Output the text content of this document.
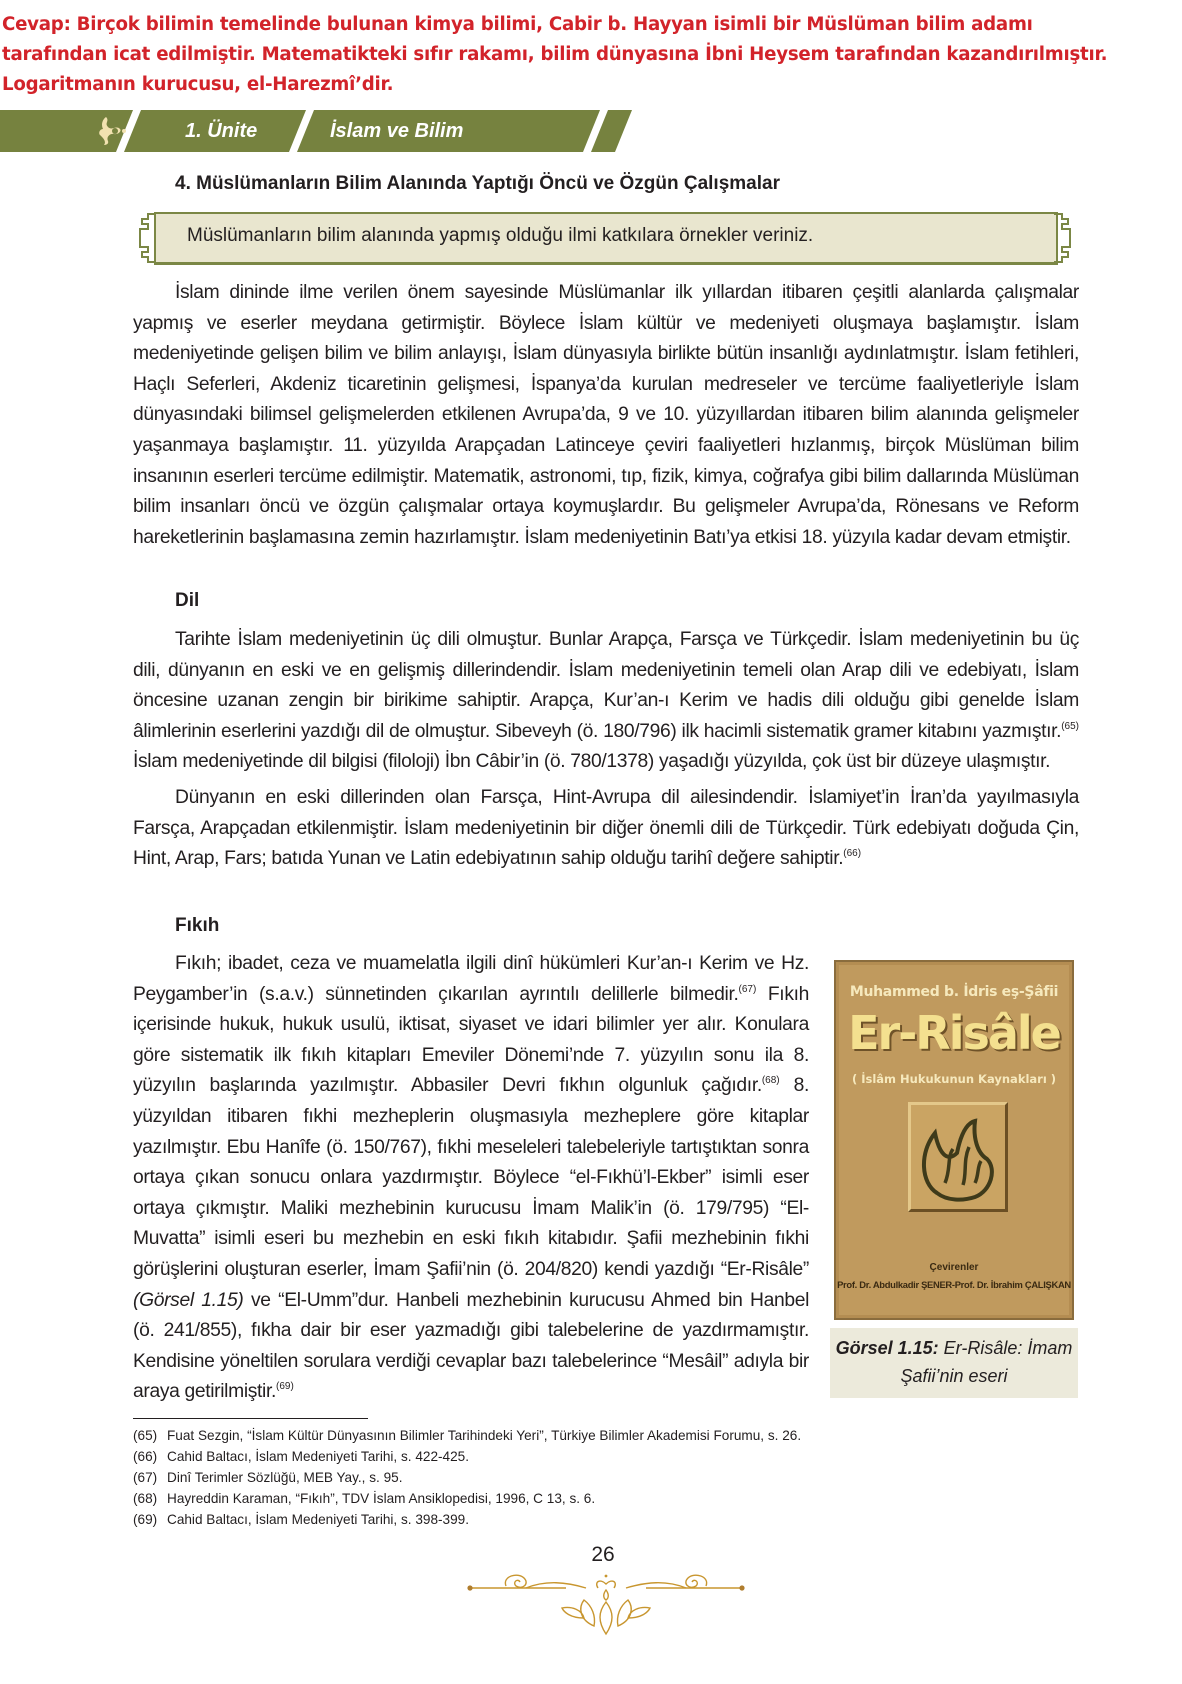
Cevap: Birçok bilimin temelinde bulunan kimya bilimi, Cabir b. Hayyan isimli bir Müslüman bilim adamı
tarafından icat edilmiştir. Matematikteki sıfır rakamı, bilim dünyasına İbni Heysem tarafından kazandırılmıştır.
Logaritmanın kurucusu, el-Harezmî’dir.
1. Ünite	İslam ve Bilim
4. Müslümanların Bilim Alanında Yaptığı Öncü ve Özgün Çalışmalar
Müslümanların bilim alanında yapmış olduğu ilmi katkılara örnekler veriniz.

İslam dininde ilme verilen önem sayesinde Müslümanlar ilk yıllardan itibaren çeşitli alanlarda çalışmalar yapmış ve eserler meydana getirmiştir. Böylece İslam kültür ve medeniyeti oluşmaya başlamıştır. İslam medeniyetinde gelişen bilim ve bilim anlayışı, İslam dünyasıyla birlikte bütün insanlığı aydınlatmıştır. İslam fetihleri, Haçlı Seferleri, Akdeniz ticaretinin gelişmesi, İspanya’da kurulan medreseler ve tercüme faaliyetleriyle İslam dünyasındaki bilimsel gelişmelerden etkilenen Avrupa’da, 9 ve 10. yüzyıllardan itibaren bilim alanında gelişmeler yaşanmaya başlamıştır. 11. yüzyılda Arapçadan Latinceye çeviri faaliyetleri hızlanmış, birçok Müslüman bilim insanının eserleri tercüme edilmiştir. Matematik, astronomi, tıp, fizik, kimya, coğrafya gibi bilim dallarında Müslüman bilim insanları öncü ve özgün çalışmalar ortaya koymuşlardır. Bu gelişmeler Avrupa’da, Rönesans ve Reform hareketlerinin başlamasına zemin hazırlamıştır. İslam medeniyetinin Batı’ya etkisi 18. yüzyıla kadar devam etmiştir.

Dil

Tarihte İslam medeniyetinin üç dili olmuştur. Bunlar Arapça, Farsça ve Türkçedir. İslam medeniyetinin bu üç dili, dünyanın en eski ve en gelişmiş dillerindendir. İslam medeniyetinin temeli olan Arap dili ve edebiyatı, İslam öncesine uzanan zengin bir birikime sahiptir. Arapça, Kur’an-ı Kerim ve hadis dili olduğu gibi genelde İslam âlimlerinin eserlerini yazdığı dil de olmuştur. Sibeveyh (ö. 180/796) ilk hacimli sistematik gramer kitabını yazmıştır.$^{(65)}$ İslam medeniyetinde dil bilgisi (filoloji) İbn Câbir’in (ö. 780/1378) yaşadığı yüzyılda, çok üst bir düzeye ulaşmıştır.

Dünyanın en eski dillerinden olan Farsça, Hint-Avrupa dil ailesindendir. İslamiyet’in İran’da yayılmasıyla Farsça, Arapçadan etkilenmiştir. İslam medeniyetinin bir diğer önemli dili de Türkçedir. Türk edebiyatı doğuda Çin, Hint, Arap, Fars; batıda Yunan ve Latin edebiyatının sahip olduğu tarihî değere sahiptir.$^{(66)}$

Fıkıh

Fıkıh; ibadet, ceza ve muamelatla ilgili dinî hükümleri Kur’an-ı Kerim ve Hz. Peygamber’in (s.a.v.) sünnetinden çıkarılan ayrıntılı delillerle bilmedir.$^{(67)}$ Fıkıh içerisinde hukuk, hukuk usulü, iktisat, siyaset ve idari bilimler yer alır. Konulara göre sistematik ilk fıkıh kitapları Emeviler Dönemi’nde 7. yüzyılın sonu ila 8. yüzyılın başlarında yazılmıştır. Abbasiler Devri fıkhın olgunluk çağıdır.$^{(68)}$ 8. yüzyıldan itibaren fıkhi mezheplerin oluşmasıyla mezheplere göre kitaplar yazılmıştır. Ebu Hanîfe (ö. 150/767), fıkhi meseleleri talebeleriyle tartıştıktan sonra ortaya çıkan sonucu onlara yazdırmıştır. Böylece “el-Fıkhü’l-Ekber” isimli eser ortaya çıkmıştır. Maliki mezhebinin kurucusu İmam Malik’in (ö. 179/795) “El-Muvatta” isimli eseri bu mezhebin en eski fıkıh kitabıdır. Şafii mezhebinin fıkhi görüşlerini oluşturan eserler, İmam Şafii’nin (ö. 204/820) kendi yazdığı “Er-Risâle” (Görsel 1.15) ve “El-Umm”dur. Hanbeli mezhebinin kurucusu Ahmed bin Hanbel (ö. 241/855), fıkha dair bir eser yazmadığı gibi talebelerine de yazdırmamıştır. Kendisine yöneltilen sorulara verdiği cevaplar bazı talebelerince “Mesâil” adıyla bir araya getirilmiştir.$^{(69)}$

Muhammed b. İdris eş-Şâfii
Er-Risâle
( İslâm Hukukunun Kaynakları )
Çevirenler
Prof. Dr. Abdulkadir ŞENER-Prof. Dr. İbrahim ÇALIŞKAN
Görsel 1.15: Er-Risâle: İmam Şafii’nin eseri
(65) Fuat Sezgin, “İslam Kültür Dünyasının Bilimler Tarihindeki Yeri”, Türkiye Bilimler Akademisi Forumu, s. 26.
(66) Cahid Baltacı, İslam Medeniyeti Tarihi, s. 422-425.
(67) Dinî Terimler Sözlüğü, MEB Yay., s. 95.
(68) Hayreddin Karaman, “Fıkıh”, TDV İslam Ansiklopedisi, 1996, C 13, s. 6.
(69) Cahid Baltacı, İslam Medeniyeti Tarihi, s. 398-399.
26
